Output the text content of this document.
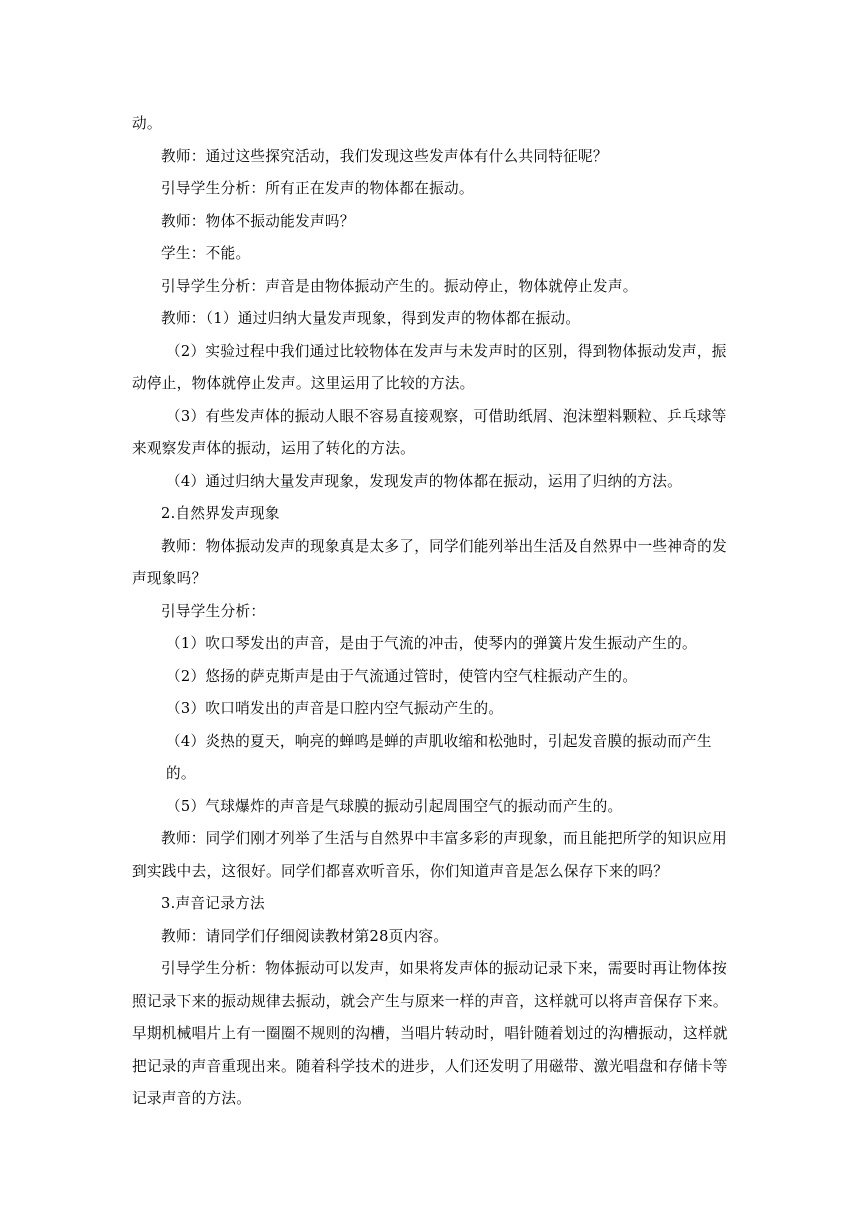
动。

教师：通过这些探究活动，我们发现这些发声体有什么共同特征呢？

引导学生分析：所有正在发声的物体都在振动。

教师：物体不振动能发声吗？

学生：不能。

引导学生分析：声音是由物体振动产生的。振动停止，物体就停止发声。

教师：（1）通过归纳大量发声现象，得到发声的物体都在振动。

（2）实验过程中我们通过比较物体在发声与未发声时的区别，得到物体振动发声，振动停止，物体就停止发声。这里运用了比较的方法。

（3）有些发声体的振动人眼不容易直接观察，可借助纸屑、泡沫塑料颗粒、乒乓球等来观察发声体的振动，运用了转化的方法。

（4）通过归纳大量发声现象，发现发声的物体都在振动，运用了归纳的方法。

2.自然界发声现象

教师：物体振动发声的现象真是太多了，同学们能列举出生活及自然界中一些神奇的发声现象吗？

引导学生分析：

（1）吹口琴发出的声音，是由于气流的冲击，使琴内的弹簧片发生振动产生的。

（2）悠扬的萨克斯声是由于气流通过管时，使管内空气柱振动产生的。

（3）吹口哨发出的声音是口腔内空气振动产生的。

（4）炎热的夏天，响亮的蝉鸣是蝉的声肌收缩和松弛时，引起发音膜的振动而产生的。

（5）气球爆炸的声音是气球膜的振动引起周围空气的振动而产生的。

教师：同学们刚才列举了生活与自然界中丰富多彩的声现象，而且能把所学的知识应用到实践中去，这很好。同学们都喜欢听音乐，你们知道声音是怎么保存下来的吗？

3.声音记录方法

教师：请同学们仔细阅读教材第28页内容。

引导学生分析：物体振动可以发声，如果将发声体的振动记录下来，需要时再让物体按照记录下来的振动规律去振动，就会产生与原来一样的声音，这样就可以将声音保存下来。早期机械唱片上有一圈圈不规则的沟槽，当唱片转动时，唱针随着划过的沟槽振动，这样就把记录的声音重现出来。随着科学技术的进步，人们还发明了用磁带、激光唱盘和存储卡等记录声音的方法。
